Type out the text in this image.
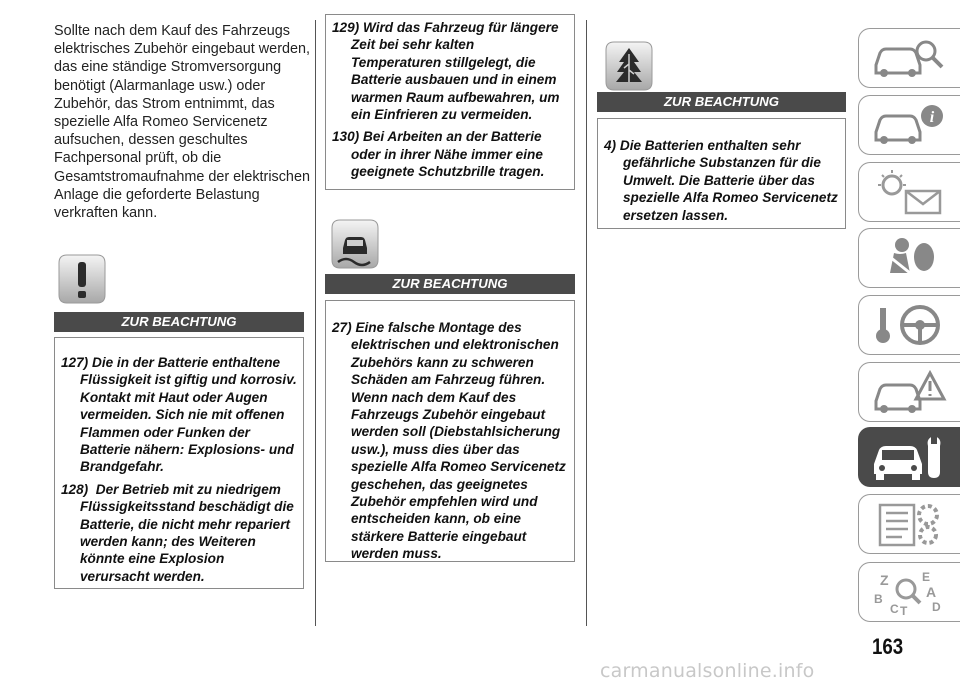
Sollte nach dem Kauf des Fahrzeugs elektrisches Zubehör eingebaut werden, das eine ständige Stromversorgung benötigt (Alarmanlage usw.) oder Zubehör, das Strom entnimmt, das spezielle Alfa Romeo Servicenetz aufsuchen, dessen geschultes Fachpersonal prüft, ob die Gesamtstromaufnahme der elektrischen Anlage die geforderte Belastung verkraften kann.
ZUR BEACHTUNG
127) Die in der Batterie enthaltene Flüssigkeit ist giftig und korrosiv. Kontakt mit Haut oder Augen vermeiden. Sich nie mit offenen Flammen oder Funken der Batterie nähern: Explosions- und Brandgefahr.
128) Der Betrieb mit zu niedrigem Flüssigkeitsstand beschädigt die Batterie, die nicht mehr repariert werden kann; des Weiteren könnte eine Explosion verursacht werden.
129) Wird das Fahrzeug für längere Zeit bei sehr kalten Temperaturen stillgelegt, die Batterie ausbauen und in einem warmen Raum aufbewahren, um ein Einfrieren zu vermeiden.
130) Bei Arbeiten an der Batterie oder in ihrer Nähe immer eine geeignete Schutzbrille tragen.
ZUR BEACHTUNG
27) Eine falsche Montage des elektrischen und elektronischen Zubehörs kann zu schweren Schäden am Fahrzeug führen. Wenn nach dem Kauf des Fahrzeugs Zubehör eingebaut werden soll (Diebstahlsicherung usw.), muss dies über das spezielle Alfa Romeo Servicenetz geschehen, das geeignetes Zubehör empfehlen wird und entscheiden kann, ob eine stärkere Batterie eingebaut werden muss.
ZUR BEACHTUNG
4) Die Batterien enthalten sehr gefährliche Substanzen für die Umwelt. Die Batterie über das spezielle Alfa Romeo Servicenetz ersetzen lassen.
i
Z
B
C
E
A
D
T
163
carmanualsonline.info
